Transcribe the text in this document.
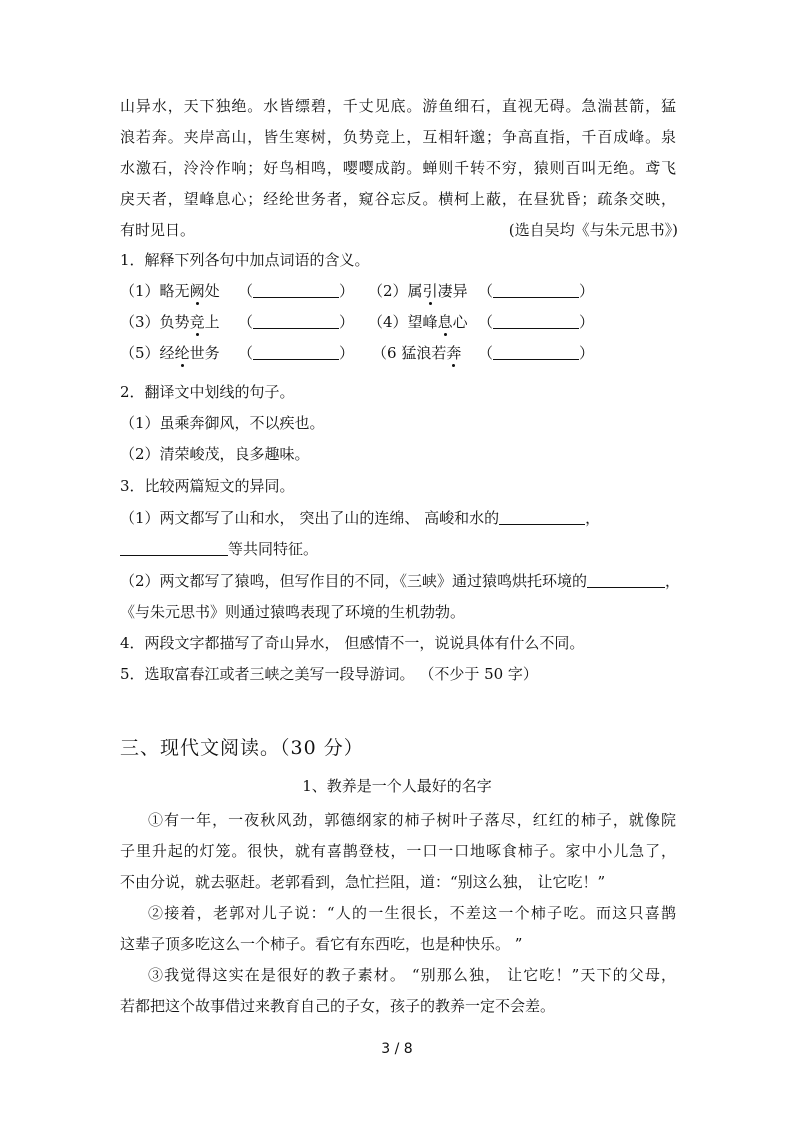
山异水，天下独绝。水皆缥碧，千丈见底。游鱼细石，直视无碍。急湍甚箭，猛
浪若奔。夹岸高山，皆生寒树，负势竞上，互相轩邈；争高直指，千百成峰。泉
水激石，泠泠作响；好鸟相鸣，嘤嘤成韵。蝉则千转不穷，猿则百叫无绝。鸢飞
戾天者，望峰息心；经纶世务者，窥谷忘反。横柯上蔽，在昼犹昏；疏条交映，
有时见日。	(选自吴均《与朱元思书》)
1．解释下列各句中加点词语的含义。
（1）略无阙处 （	） （2）属引凄异 （	）
（3）负势竞上 （	） （4）望峰息心 （	）
（5）经纶世务 （	） （6 猛浪若奔 （	）
2．翻译文中划线的句子。
（1）虽乘奔御风，不以疾也。
（2）清荣峻茂，良多趣味。
3．比较两篇短文的异同。
（1）两文都写了山和水， 突出了山的连绵、 高峻和水的	，
等共同特征。
（2）两文都写了猿鸣，但写作目的不同，《三峡》通过猿鸣烘托环境的	，
《与朱元思书》则通过猿鸣表现了环境的生机勃勃。
4．两段文字都描写了奇山异水， 但感情不一，说说具体有什么不同。
5．选取富春江或者三峡之美写一段导游词。 （不少于 50 字）
三、现代文阅读。（30 分）
1、教养是一个人最好的名字
①有一年，一夜秋风劲，郭德纲家的柿子树叶子落尽，红红的柿子，就像院
子里升起的灯笼。很快，就有喜鹊登枝，一口一口地啄食柿子。家中小儿急了，
不由分说，就去驱赶。老郭看到，急忙拦阻，道：“别这么独， 让它吃！”
②接着，老郭对儿子说：“人的一生很长，不差这一个柿子吃。而这只喜鹊
这辈子顶多吃这么一个柿子。看它有东西吃，也是种快乐。 ”
③我觉得这实在是很好的教子素材。 “别那么独， 让它吃！”天下的父母，
若都把这个故事借过来教育自己的子女，孩子的教养一定不会差。
3 / 8
